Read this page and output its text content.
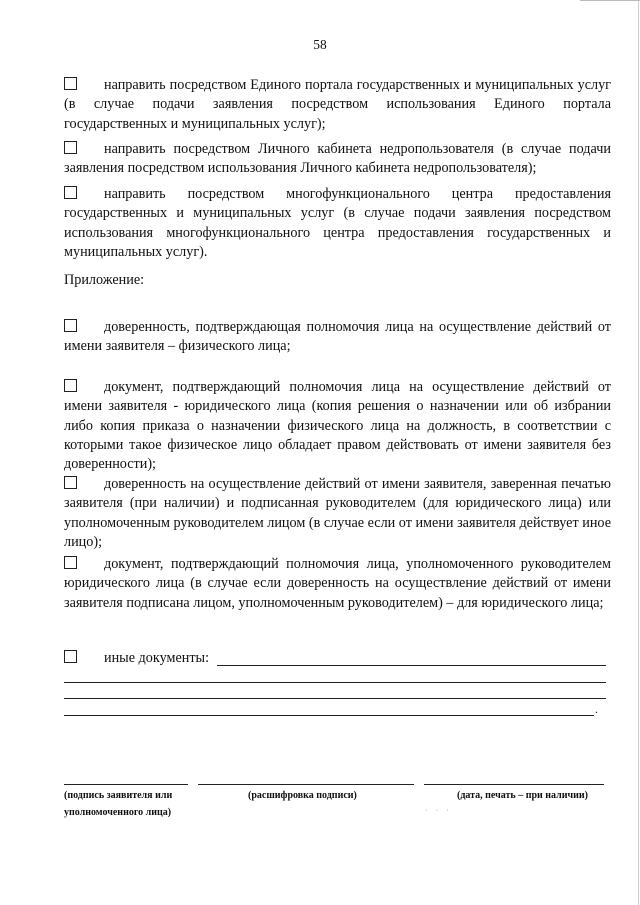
58

направить посредством Единого портала государственных и муниципальных услуг (в случае подачи заявления посредством использования Единого портала государственных и муниципальных услуг);

направить посредством Личного кабинета недропользователя (в случае подачи заявления посредством использования Личного кабинета недропользователя);

направить посредством многофункционального центра предоставления государственных и муниципальных услуг (в случае подачи заявления посредством использования многофункционального центра предоставления государственных и муниципальных услуг).

Приложение:

доверенность, подтверждающая полномочия лица на осуществление действий от имени заявителя – физического лица;

документ, подтверждающий полномочия лица на осуществление действий от имени заявителя - юридического лица (копия решения о назначении или об избрании либо копия приказа о назначении физического лица на должность, в соответствии с которыми такое физическое лицо обладает правом действовать от имени заявителя без доверенности);

доверенность на осуществление действий от имени заявителя, заверенная печатью заявителя (при наличии) и подписанная руководителем (для юридического лица) или уполномоченным руководителем лицом (в случае если от имени заявителя действует иное лицо);

документ, подтверждающий полномочия лица, уполномоченного руководителем юридического лица (в случае если доверенность на осуществление действий от имени заявителя подписана лицом, уполномоченным руководителем) – для юридического лица;

иные документы:
.
(подпись заявителя или
уполномоченного лица)
(расшифровка подписи)	(дата, печать – при наличии)
· ‧ ·
